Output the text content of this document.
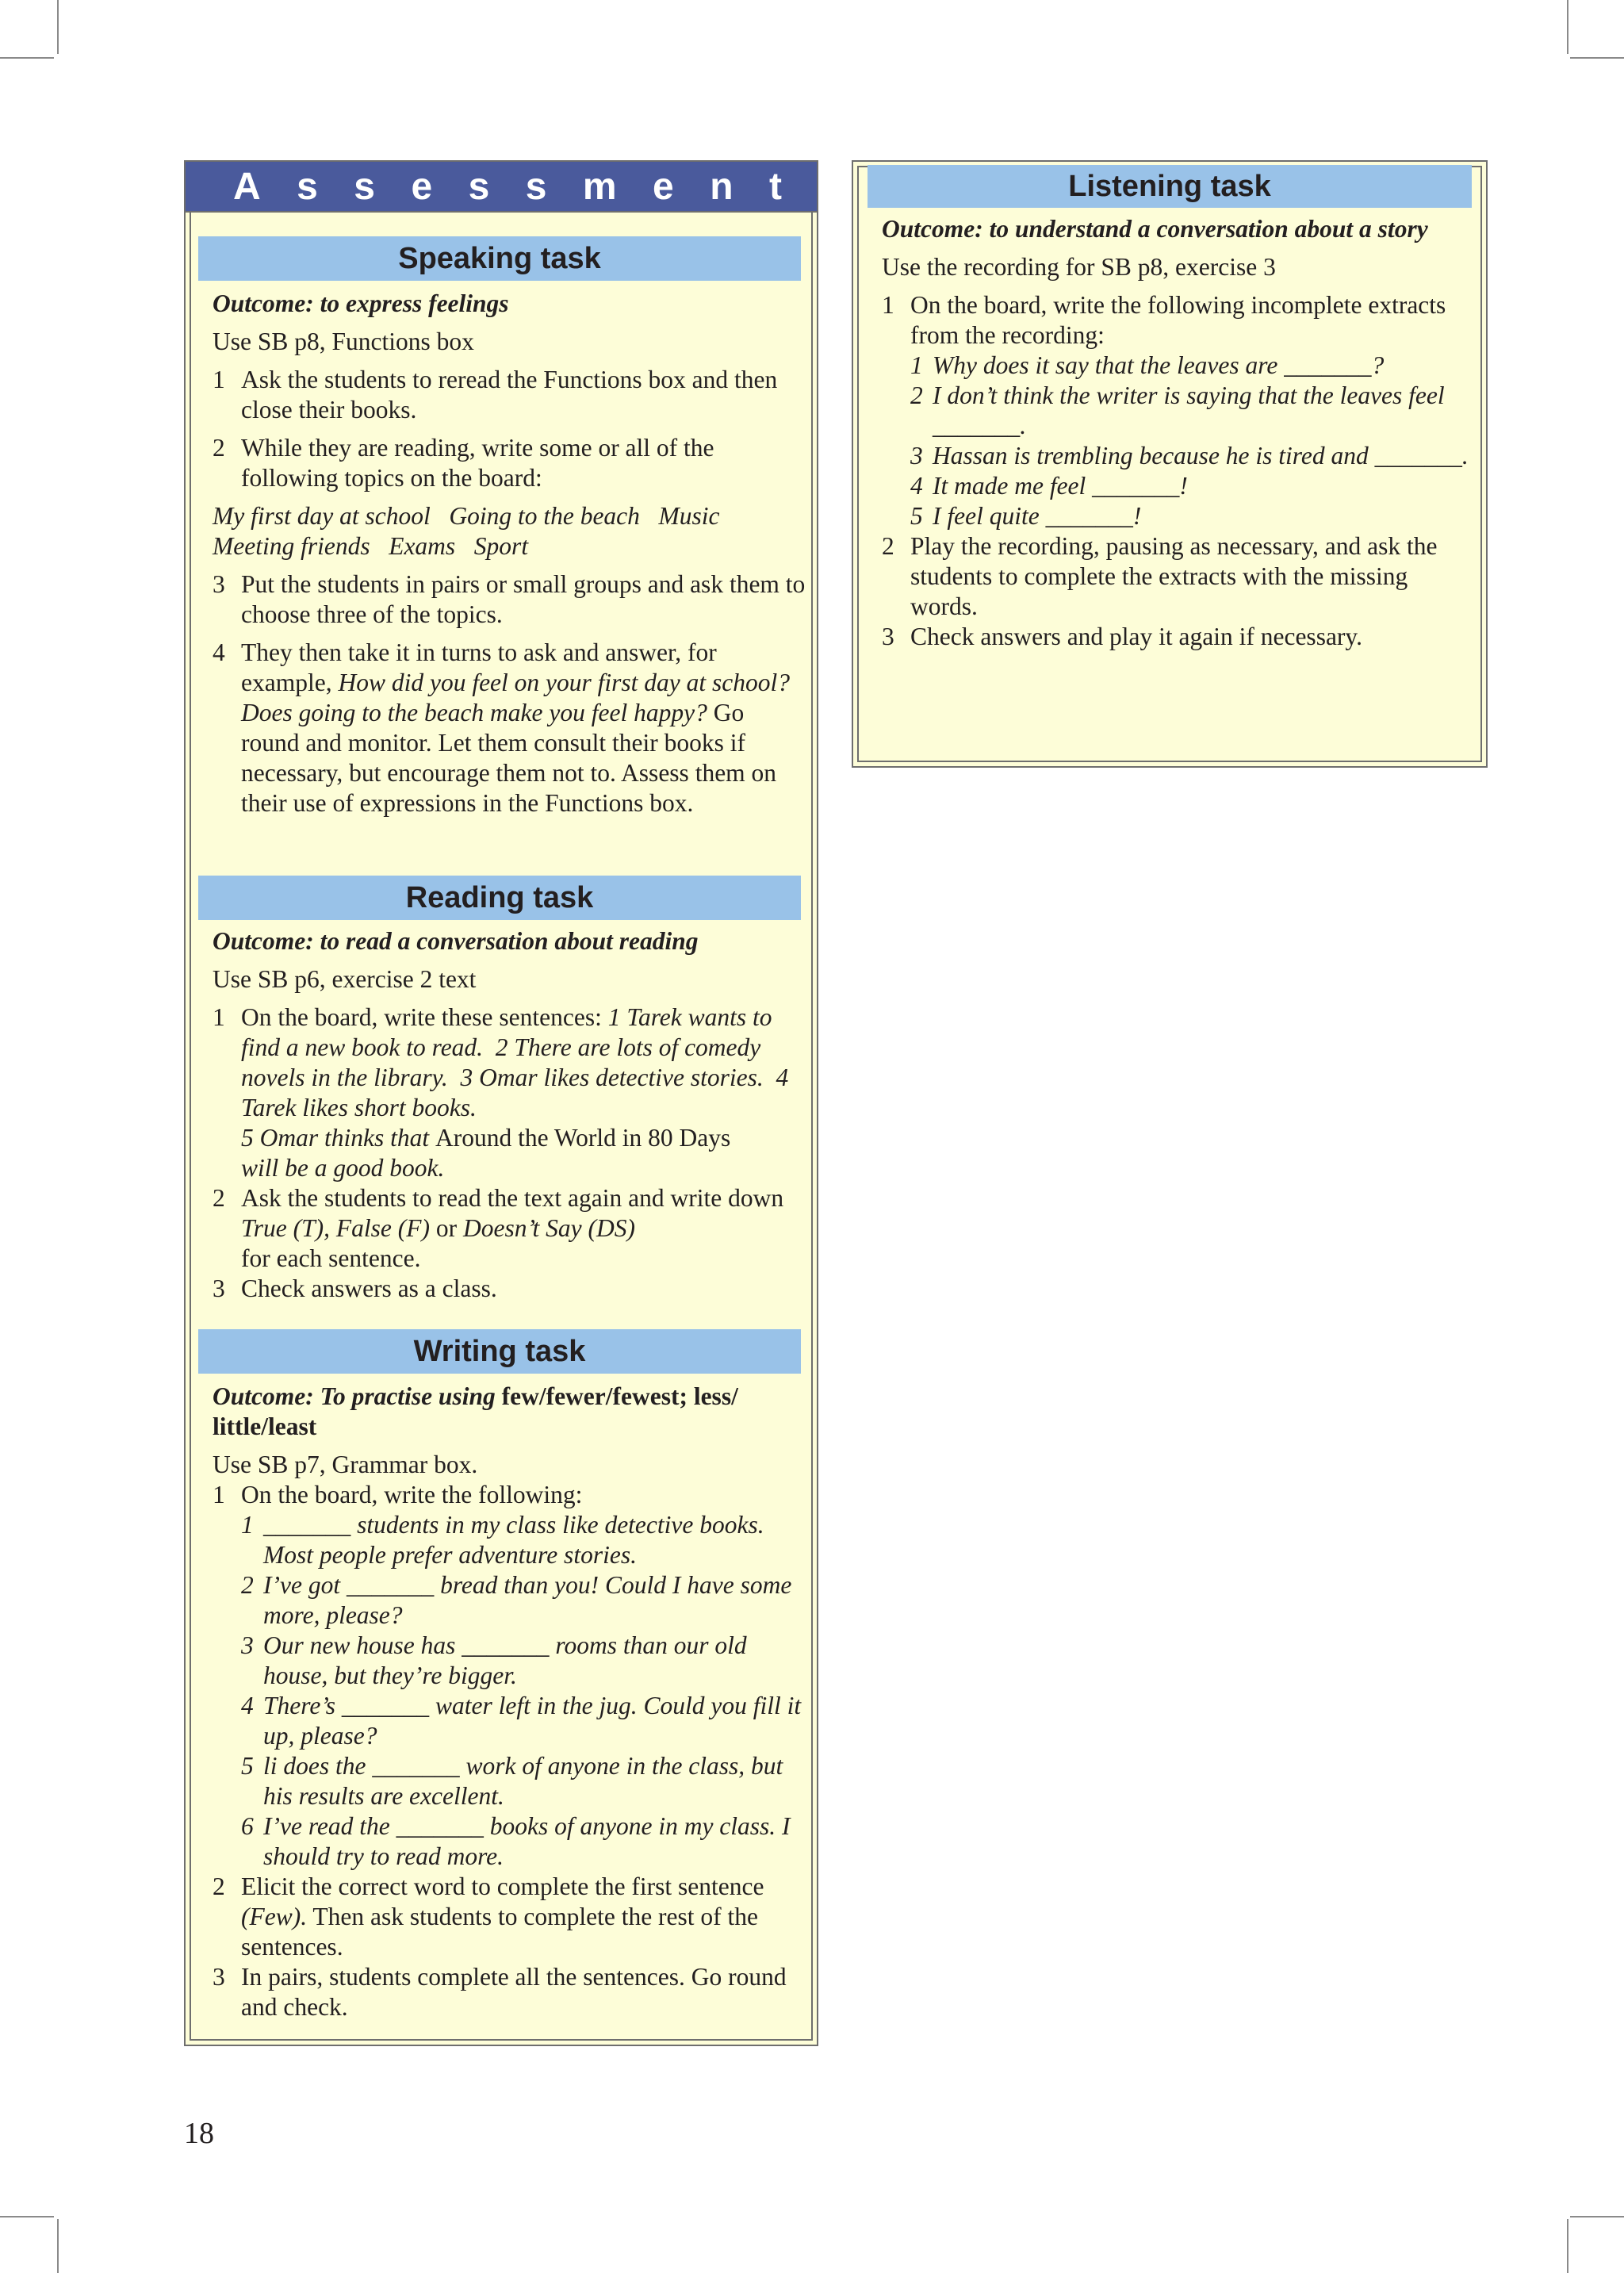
A s s e s s m e n t
Speaking task

Outcome: to express feelings

Use SB p8, Functions box

1 Ask the students to reread the Functions box and then close their books.
2 While they are reading, write some or all of the following topics on the board:

My first day at school   Going to the beach   Music

Meeting friends   Exams   Sport

3 Put the students in pairs or small groups and ask them to choose three of the topics.
4 They then take it in turns to ask and answer, for example, How did you feel on your first day at school? Does going to the beach make you feel happy? Go round and monitor. Let them consult their books if necessary, but encourage them not to. Assess them on their use of expressions in the Functions box.
Reading task

Outcome: to read a conversation about reading

Use SB p6, exercise 2 text

1 On the board, write these sentences: 1 Tarek wants to find a new book to read.  2 There are lots of comedy novels in the library.  3 Omar likes detective stories.  4 Tarek likes short books.
5 Omar thinks that Around the World in 80 Days
will be a good book.
2 Ask the students to read the text again and write down True (T), False (F) or Doesn’t Say (DS)
for each sentence.
3 Check answers as a class.
Writing task

Outcome: To practise using few/fewer/fewest; less/ little/least

Use SB p7, Grammar box.

1 On the board, write the following:
1 _______ students in my class like detective books. Most people prefer adventure stories.
2 I’ve got _______ bread than you! Could I have some more, please?
3 Our new house has _______ rooms than our old house, but they’re bigger.
4 There’s _______ water left in the jug. Could you fill it up, please?
5 li does the _______ work of anyone in the class, but his results are excellent.
6 I’ve read the _______ books of anyone in my class. I should try to read more.
2 Elicit the correct word to complete the first sentence (Few). Then ask students to complete the rest of the sentences.
3 In pairs, students complete all the sentences. Go round and check.
Listening task

Outcome: to understand a conversation about a story

Use the recording for SB p8, exercise 3

1 On the board, write the following incomplete extracts from the recording:
1 Why does it say that the leaves are _______?
2 I don’t think the writer is saying that the leaves feel _______.
3 Hassan is trembling because he is tired and _______.
4 It made me feel _______!
5 I feel quite _______!
2 Play the recording, pausing as necessary, and ask the students to complete the extracts with the missing words.
3 Check answers and play it again if necessary.
18
